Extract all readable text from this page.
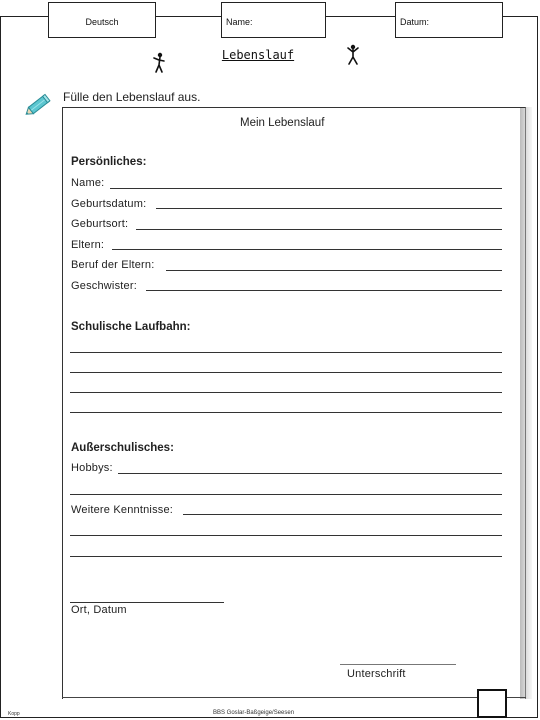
Deutsch	Name:	Datum:
Lebenslauf
Fülle den Lebenslauf aus.
Mein Lebenslauf
Persönliches:
Name:
Geburtsdatum:
Geburtsort:
Eltern:
Beruf der Eltern:
Geschwister:
Schulische Laufbahn:
Außerschulisches:
Hobbys:
Weitere Kenntnisse:
Ort, Datum
Unterschrift
Kopp	BBS Goslar-Baßgeige/Seesen
